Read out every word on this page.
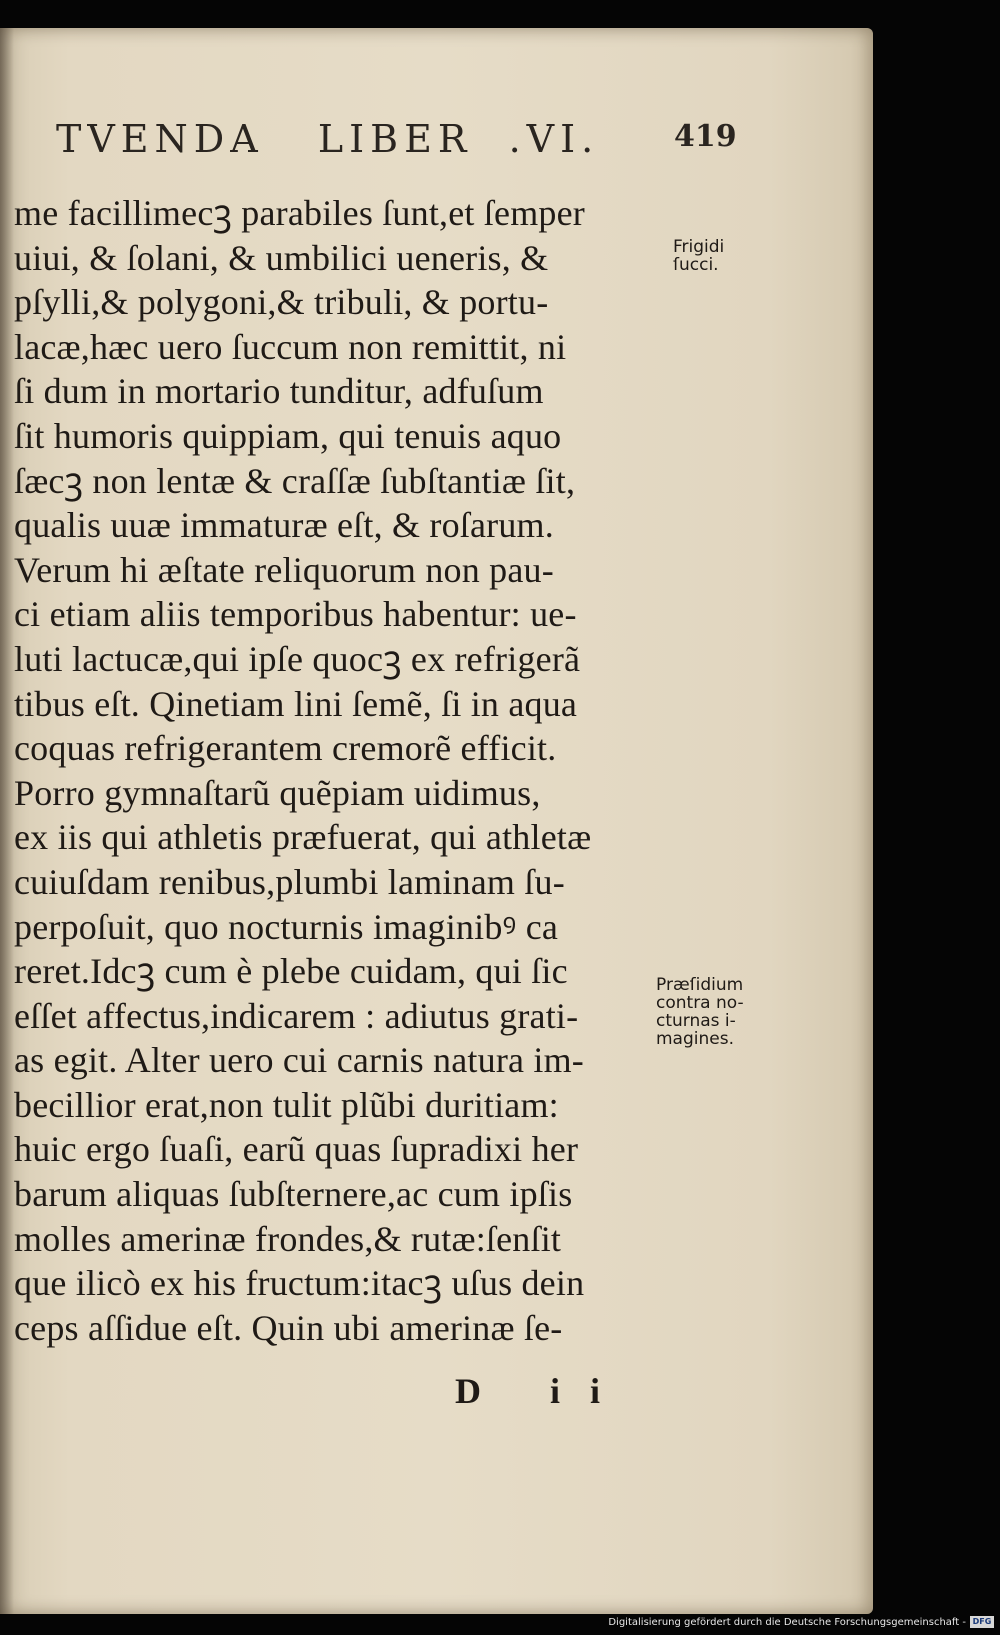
TVENDA   LIBER  .VI. 419
me facillimecꝫ parabiles ſunt,et ſemper
uiui, & ſolani, & umbilici ueneris, &
pſylli,& polygoni,& tribuli, & portu-
lacæ,hæc uero ſuccum non remittit, ni
ſi dum in mortario tunditur, adfuſum
ſit humoris quippiam, qui tenuis aquo
ſæcꝫ non lentæ & craſſæ ſubſtantiæ ſit,
qualis uuæ immaturæ eſt, & roſarum.
Verum hi æſtate reliquorum non pau-
ci etiam aliis temporibus habentur: ue-
luti lactucæ,qui ipſe quocꝫ ex refrigerã
tibus eſt. Qinetiam lini ſemẽ, ſi in aqua
coquas refrigerantem cremorẽ efficit.
Porro gymnaſtarũ quẽpiam uidimus,
ex iis qui athletis præfuerat, qui athletæ
cuiuſdam renibus,plumbi laminam ſu-
perpoſuit, quo nocturnis imaginibꝰ ca
reret.Idcꝫ cum è plebe cuidam, qui ſic
eſſet affectus,indicarem : adiutus grati-
as egit. Alter uero cui carnis natura im-
becillior erat,non tulit plũbi duritiam:
huic ergo ſuaſi, earũ quas ſupradixi her
barum aliquas ſubſternere,ac cum ipſis
molles amerinæ frondes,& rutæ:ſenſit
que ilicò ex his fructum:itacꝫ uſus dein
ceps aſſidue eſt. Quin ubi amerinæ ſe-
Frigidi
ſucci.
Præſidium
contra no-
cturnas i-
magines.
D ii
Digitalisierung gefördert durch die Deutsche Forschungsgemeinschaft - DFG
